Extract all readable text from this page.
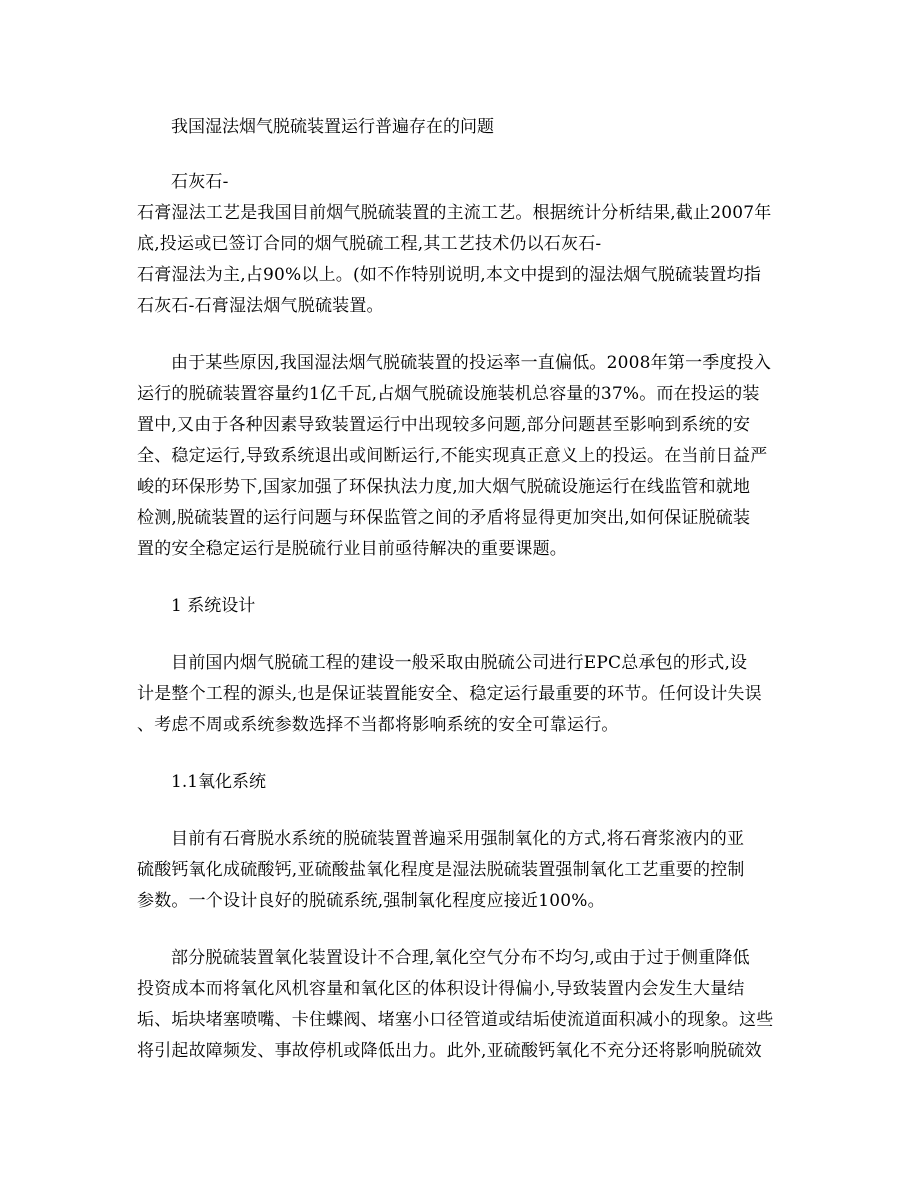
我国湿法烟气脱硫装置运行普遍存在的问题

石灰石-
石膏湿法工艺是我国目前烟气脱硫装置的主流工艺。根据统计分析结果,截止2007年
底,投运或已签订合同的烟气脱硫工程,其工艺技术仍以石灰石-
石膏湿法为主,占90%以上。(如不作特别说明,本文中提到的湿法烟气脱硫装置均指
石灰石-石膏湿法烟气脱硫装置。
由于某些原因,我国湿法烟气脱硫装置的投运率一直偏低。2008年第一季度投入
运行的脱硫装置容量约1亿千瓦,占烟气脱硫设施装机总容量的37%。而在投运的装
置中,又由于各种因素导致装置运行中出现较多问题,部分问题甚至影响到系统的安
全、稳定运行,导致系统退出或间断运行,不能实现真正意义上的投运。在当前日益严
峻的环保形势下,国家加强了环保执法力度,加大烟气脱硫设施运行在线监管和就地
检测,脱硫装置的运行问题与环保监管之间的矛盾将显得更加突出,如何保证脱硫装
置的安全稳定运行是脱硫行业目前亟待解决的重要课题。

1 系统设计

目前国内烟气脱硫工程的建设一般采取由脱硫公司进行EPC总承包的形式,设
计是整个工程的源头,也是保证装置能安全、稳定运行最重要的环节。任何设计失误
、考虑不周或系统参数选择不当都将影响系统的安全可靠运行。

1.1氧化系统

目前有石膏脱水系统的脱硫装置普遍采用强制氧化的方式,将石膏浆液内的亚
硫酸钙氧化成硫酸钙,亚硫酸盐氧化程度是湿法脱硫装置强制氧化工艺重要的控制
参数。一个设计良好的脱硫系统,强制氧化程度应接近100%。
部分脱硫装置氧化装置设计不合理,氧化空气分布不均匀,或由于过于侧重降低
投资成本而将氧化风机容量和氧化区的体积设计得偏小,导致装置内会发生大量结
垢、垢块堵塞喷嘴、卡住蝶阀、堵塞小口径管道或结垢使流道面积减小的现象。这些
将引起故障频发、事故停机或降低出力。此外,亚硫酸钙氧化不充分还将影响脱硫效
